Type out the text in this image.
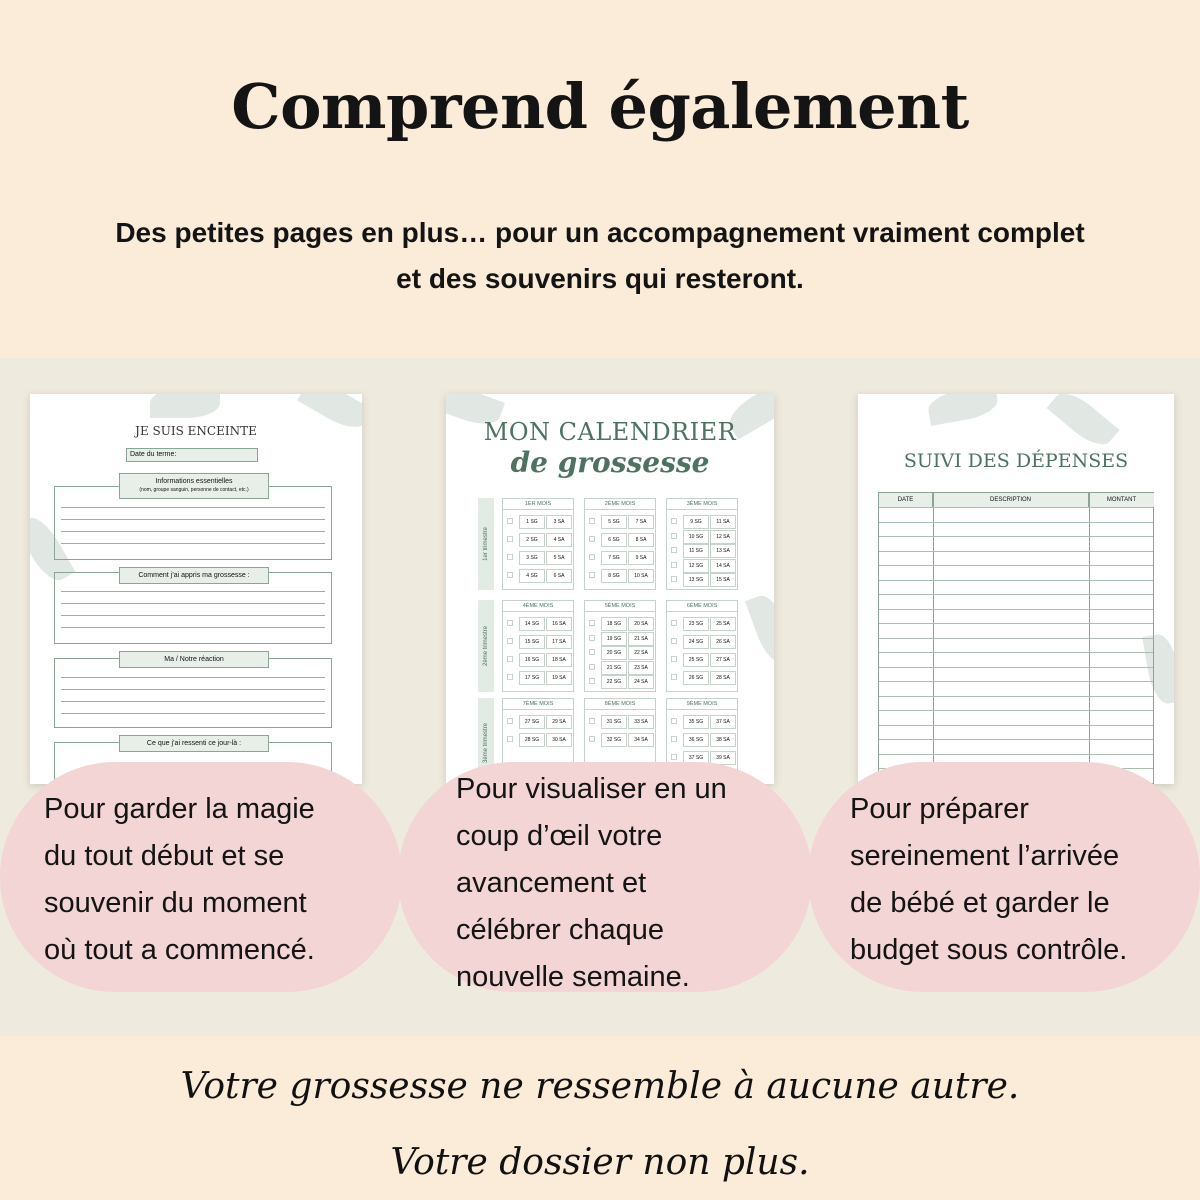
Comprend également
Des petites pages en plus… pour un accompagnement vraiment complet
et des souvenirs qui resteront.
JE SUIS ENCEINTE
Date du terme:
Informations essentielles
(nom, groupe sanguin, personne de contact, etc.)
Comment j’ai appris ma grossesse :
Ma / Notre réaction
Ce que j’ai ressenti ce jour-là :
MON CALENDRIER
de grossesse
1er trimestre
1ER MOIS
1 SG	3 SA
2 SG	4 SA
3 SG	5 SA
4 SG	6 SA
2ÈME MOIS
5 SG	7 SA
6 SG	8 SA
7 SG	9 SA
8 SG	10 SA
3ÈME MOIS
9 SG	11 SA
10 SG	12 SA
11 SG	13 SA
12 SG	14 SA
13 SG	15 SA
2ème trimestre
4ÈME MOIS
14 SG	16 SA
15 SG	17 SA
16 SG	18 SA
17 SG	19 SA
5ÈME MOIS
18 SG	20 SA
19 SG	21 SA
20 SG	22 SA
21 SG	23 SA
22 SG	24 SA
6ÈME MOIS
23 SG	25 SA
24 SG	26 SA
25 SG	27 SA
26 SG	28 SA
3ème trimestre
7ÈME MOIS
27 SG	29 SA
28 SG	30 SA
8ÈME MOIS
31 SG	33 SA
32 SG	34 SA
9ÈME MOIS
35 SG	37 SA
36 SG	38 SA
37 SG	39 SA
SUIVI DES DÉPENSES
DATE	DESCRIPTION	MONTANT

Pour garder la magie
du tout début et se
souvenir du moment
où tout a commencé.

Pour visualiser en un
coup d’œil votre
avancement et
célébrer chaque
nouvelle semaine.

Pour préparer
sereinement l’arrivée
de bébé et garder le
budget sous contrôle.

Votre grossesse ne ressemble à aucune autre.
Votre dossier non plus.
